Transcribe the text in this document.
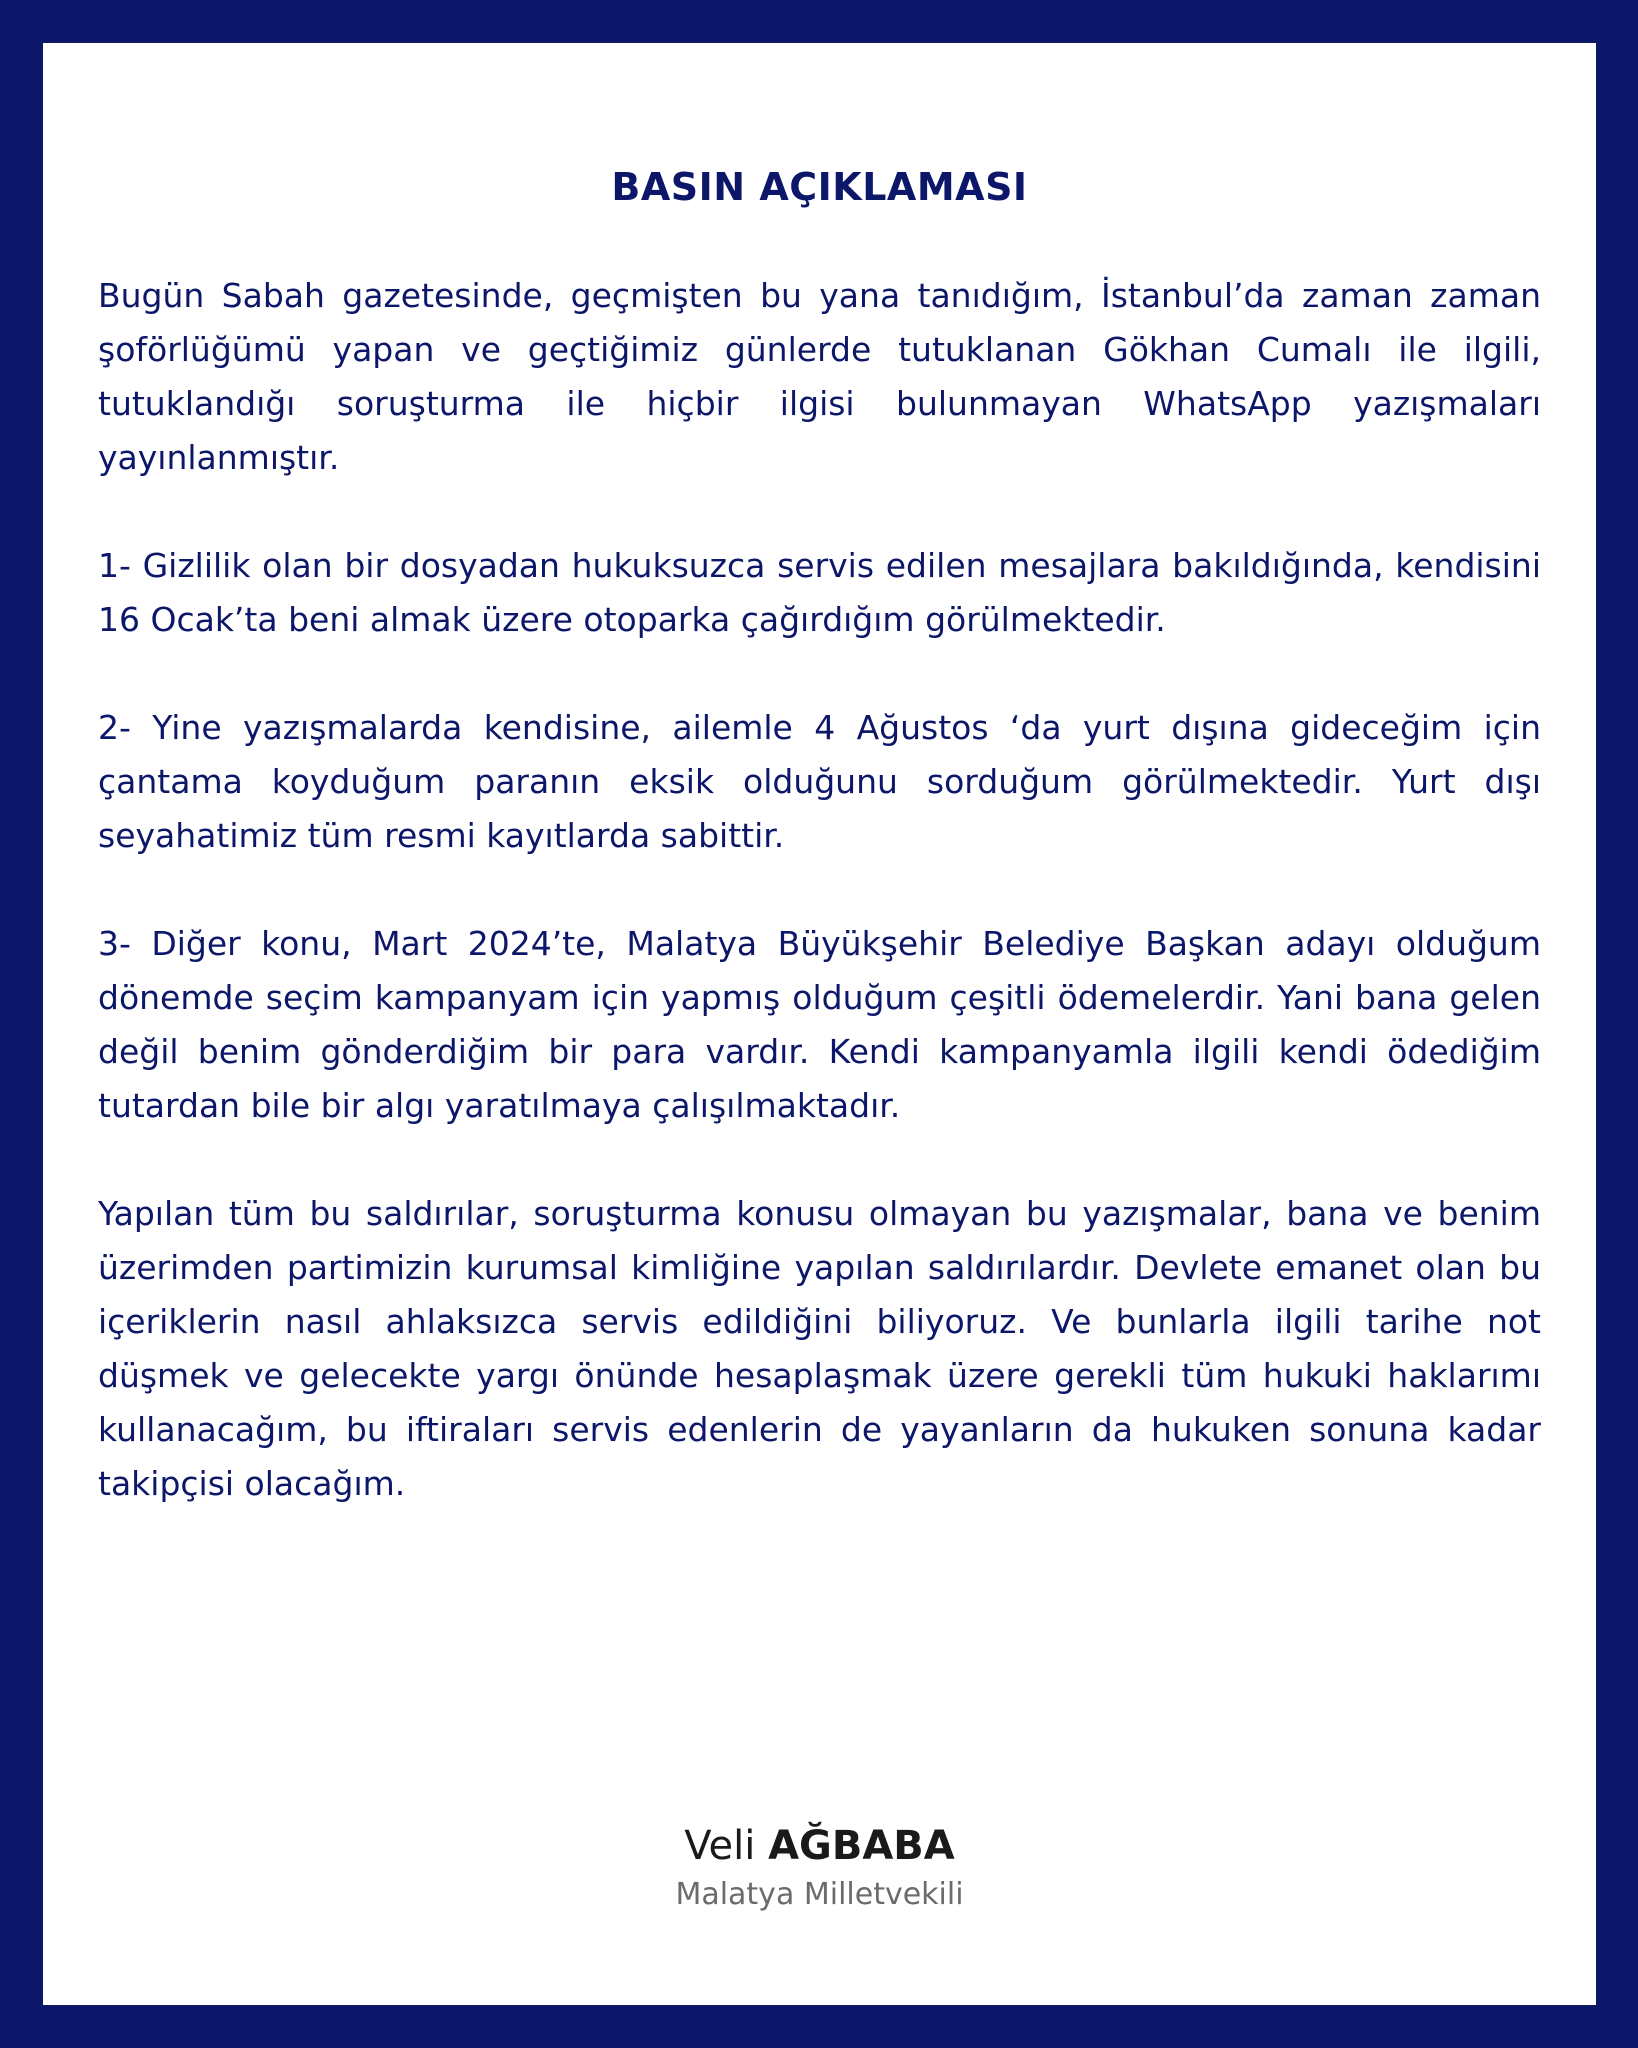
BASIN AÇIKLAMASI

Bugün Sabah gazetesinde, geçmişten bu yana tanıdığım, İstanbul’da zaman zaman şoförlüğümü yapan ve geçtiğimiz günlerde tutuklanan Gökhan Cumalı ile ilgili, tutuklandığı soruşturma ile hiçbir ilgisi bulunmayan WhatsApp yazışmaları yayınlanmıştır.

1- Gizlilik olan bir dosyadan hukuksuzca servis edilen mesajlara bakıldığında, kendisini 16 Ocak’ta beni almak üzere otoparka çağırdığım görülmektedir.

2- Yine yazışmalarda kendisine, ailemle 4 Ağustos ‘da yurt dışına gideceğim için çantama koyduğum paranın eksik olduğunu sorduğum görülmektedir. Yurt dışı seyahatimiz tüm resmi kayıtlarda sabittir.

3- Diğer konu, Mart 2024’te, Malatya Büyükşehir Belediye Başkan adayı olduğum dönemde seçim kampanyam için yapmış olduğum çeşitli ödemelerdir. Yani bana gelen değil benim gönderdiğim bir para vardır. Kendi kampanyamla ilgili kendi ödediğim tutardan bile bir algı yaratılmaya çalışılmaktadır.

Yapılan tüm bu saldırılar, soruşturma konusu olmayan bu yazışmalar, bana ve benim üzerimden partimizin kurumsal kimliğine yapılan saldırılardır. Devlete emanet olan bu içeriklerin nasıl ahlaksızca servis edildiğini biliyoruz. Ve bunlarla ilgili tarihe not düşmek ve gelecekte yargı önünde hesaplaşmak üzere gerekli tüm hukuki haklarımı kullanacağım, bu iftiraları servis edenlerin de yayanların da hukuken sonuna kadar takipçisi olacağım.

Veli AĞBABA
Malatya Milletvekili
